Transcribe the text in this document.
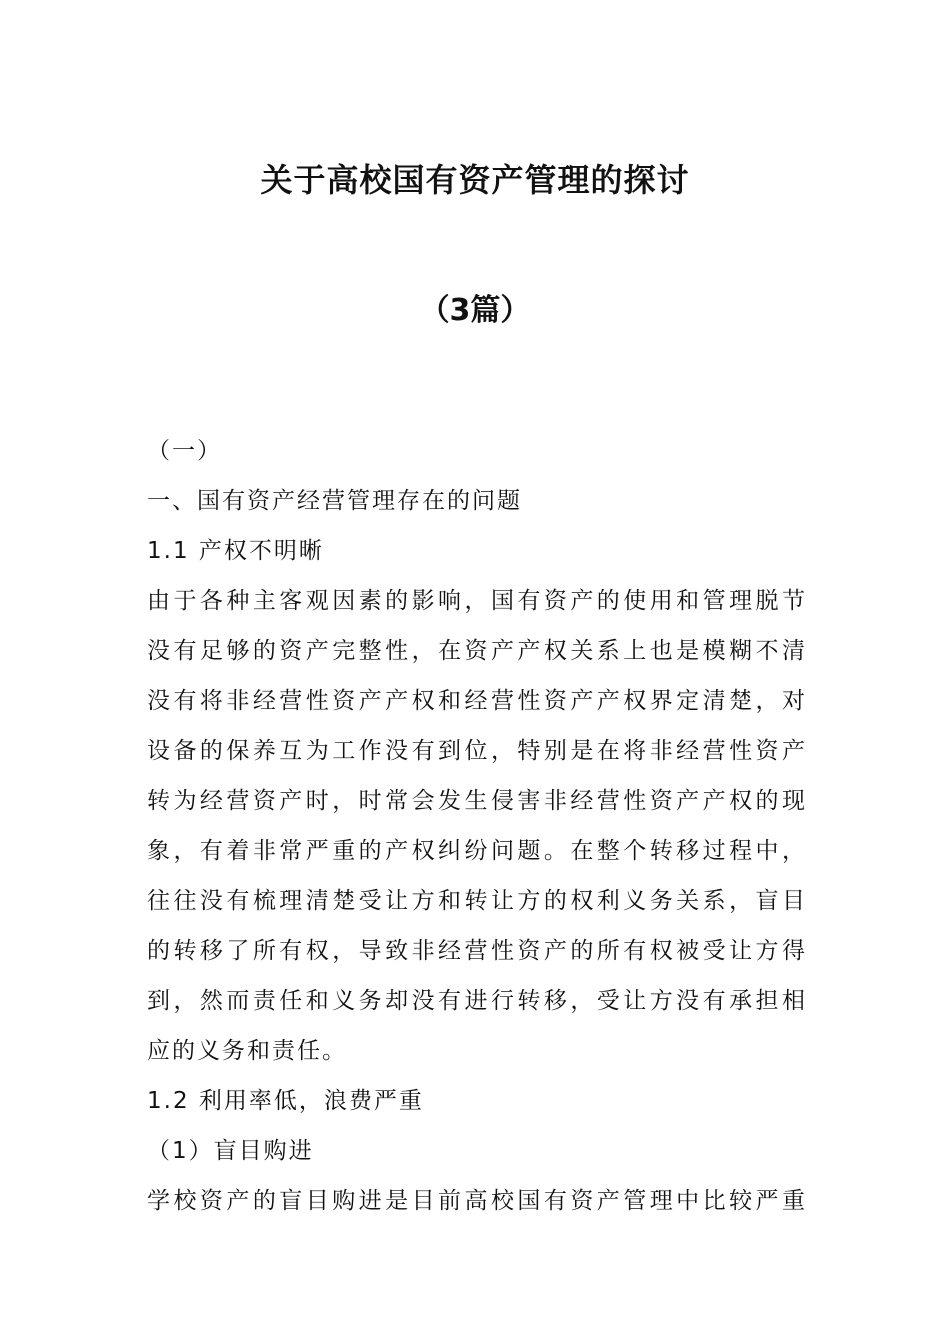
关于高校国有资产管理的探讨
（3篇）

（一）

一、国有资产经营管理存在的问题

1.1 产权不明晰

由于各种主客观因素的影响，国有资产的使用和管理脱节

没有足够的资产完整性，在资产产权关系上也是模糊不清

没有将非经营性资产产权和经营性资产产权界定清楚，对

设备的保养互为工作没有到位，特别是在将非经营性资产

转为经营资产时，时常会发生侵害非经营性资产产权的现

象，有着非常严重的产权纠纷问题。在整个转移过程中，

往往没有梳理清楚受让方和转让方的权利义务关系，盲目

的转移了所有权，导致非经营性资产的所有权被受让方得

到，然而责任和义务却没有进行转移，受让方没有承担相

应的义务和责任。

1.2 利用率低，浪费严重

（1）盲目购进

学校资产的盲目购进是目前高校国有资产管理中比较严重
